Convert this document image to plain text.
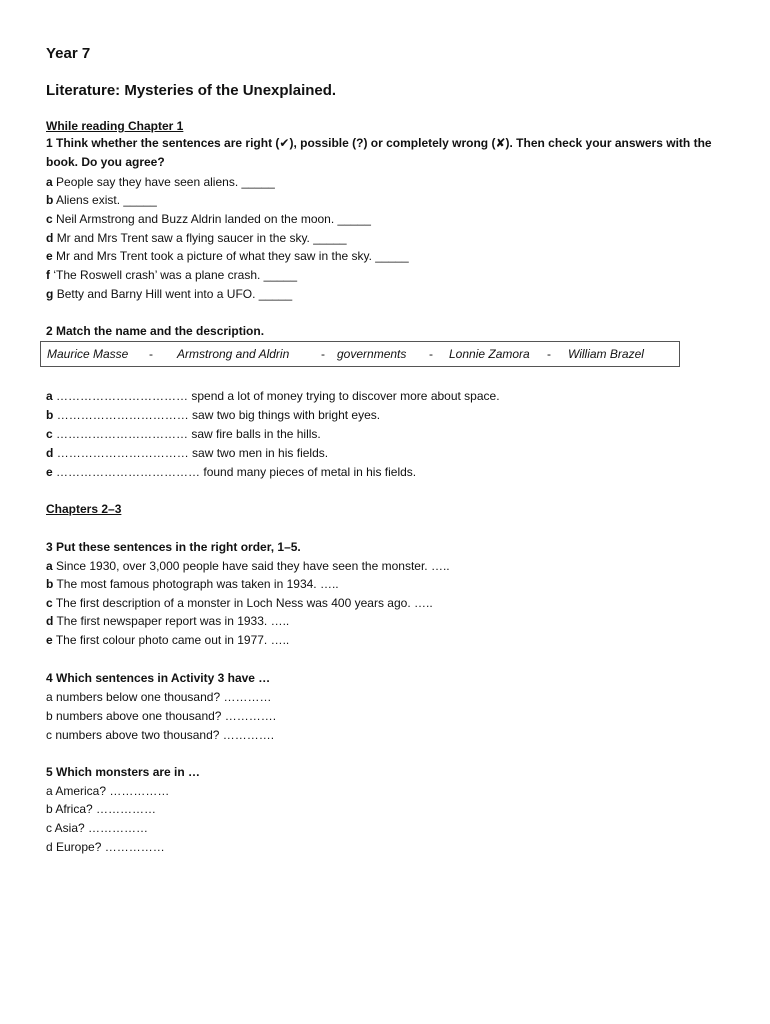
Year 7
Literature: Mysteries of the Unexplained.
While reading Chapter 1
1 Think whether the sentences are right (✔), possible (?) or completely wrong (✘). Then check your answers with the book. Do you agree?
a People say they have seen aliens. _____
b Aliens exist. _____
c Neil Armstrong and Buzz Aldrin landed on the moon. _____
d Mr and Mrs Trent saw a flying saucer in the sky. _____
e Mr and Mrs Trent took a picture of what they saw in the sky. _____
f ‘The Roswell crash’ was a plane crash. _____
g Betty and Barny Hill went into a UFO. _____
2 Match the name and the description.
Maurice Masse - Armstrong and Aldrin	- governments - Lonnie Zamora - William Brazel
a …………………………… spend a lot of money trying to discover more about space.
b …………………………… saw two big things with bright eyes.
c …………………………… saw fire balls in the hills.
d …………………………… saw two men in his fields.
e ……………………………… found many pieces of metal in his fields.
Chapters 2–3
3 Put these sentences in the right order, 1–5.
a Since 1930, over 3,000 people have said they have seen the monster. …..
b The most famous photograph was taken in 1934. …..
c The first description of a monster in Loch Ness was 400 years ago. …..
d The first newspaper report was in 1933. …..
e The first colour photo came out in 1977. …..
4 Which sentences in Activity 3 have …
a numbers below one thousand? …………
b numbers above one thousand? ………….
c numbers above two thousand? ………….
5 Which monsters are in …
a America? ……………
b Africa? ……………
c Asia? ……………
d Europe? ……………
